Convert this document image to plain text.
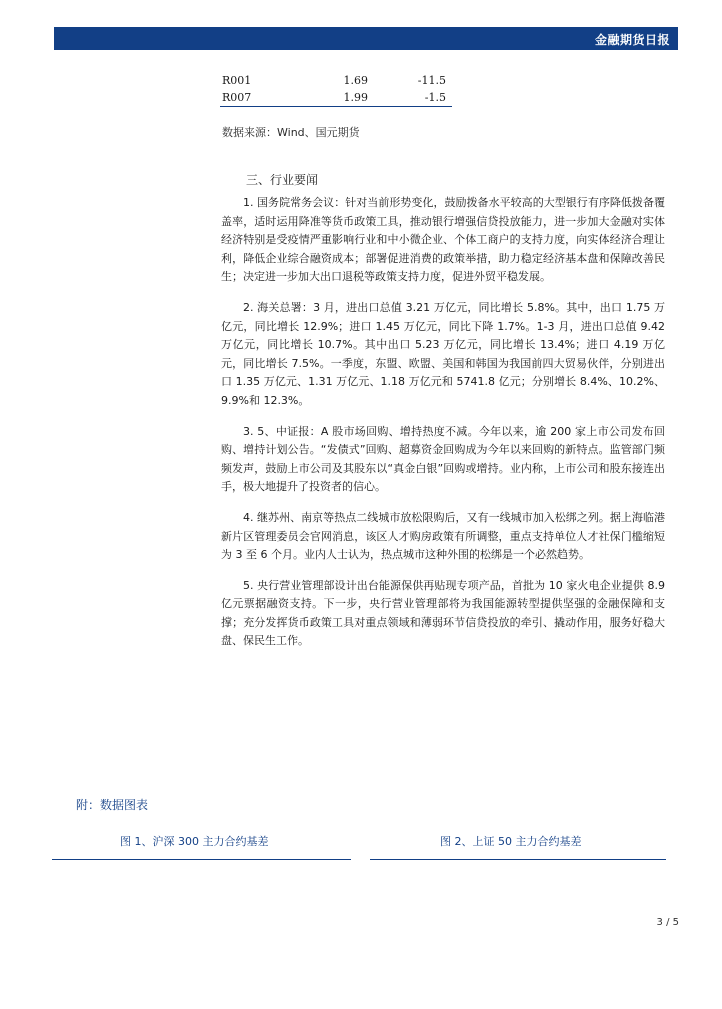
金融期货日报
R001	1.69	-11.5
R007	1.99	-1.5
数据来源：Wind、国元期货
三、行业要闻

1. 国务院常务会议：针对当前形势变化，鼓励拨备水平较高的大型银行有序降低拨备覆盖率，适时运用降准等货币政策工具，推动银行增强信贷投放能力，进一步加大金融对实体经济特别是受疫情严重影响行业和中小微企业、个体工商户的支持力度，向实体经济合理让利，降低企业综合融资成本；部署促进消费的政策举措，助力稳定经济基本盘和保障改善民生；决定进一步加大出口退税等政策支持力度，促进外贸平稳发展。

2. 海关总署：3 月，进出口总值 3.21 万亿元，同比增长 5.8%。其中，出口 1.75 万亿元，同比增长 12.9%；进口 1.45 万亿元，同比下降 1.7%。1-3 月，进出口总值 9.42 万亿元，同比增长 10.7%。其中出口 5.23 万亿元，同比增长 13.4%；进口 4.19 万亿元，同比增长 7.5%。一季度，东盟、欧盟、美国和韩国为我国前四大贸易伙伴，分别进出口 1.35 万亿元、1.31 万亿元、1.18 万亿元和 5741.8 亿元；分别增长 8.4%、10.2%、9.9%和 12.3%。

3. 5、中证报：A 股市场回购、增持热度不减。今年以来，逾 200 家上市公司发布回购、增持计划公告。“发债式”回购、超募资金回购成为今年以来回购的新特点。监管部门频频发声，鼓励上市公司及其股东以“真金白银”回购或增持。业内称，上市公司和股东接连出手，极大地提升了投资者的信心。

4. 继苏州、南京等热点二线城市放松限购后，又有一线城市加入松绑之列。据上海临港新片区管理委员会官网消息，该区人才购房政策有所调整，重点支持单位人才社保门槛缩短为 3 至 6 个月。业内人士认为，热点城市这种外围的松绑是一个必然趋势。

5. 央行营业管理部设计出台能源保供再贴现专项产品，首批为 10 家火电企业提供 8.9 亿元票据融资支持。下一步，央行营业管理部将为我国能源转型提供坚强的金融保障和支撑；充分发挥货币政策工具对重点领域和薄弱环节信贷投放的牵引、撬动作用，服务好稳大盘、保民生工作。

附：数据图表
图 1、沪深 300 主力合约基差	图 2、上证 50 主力合约基差
3 / 5
